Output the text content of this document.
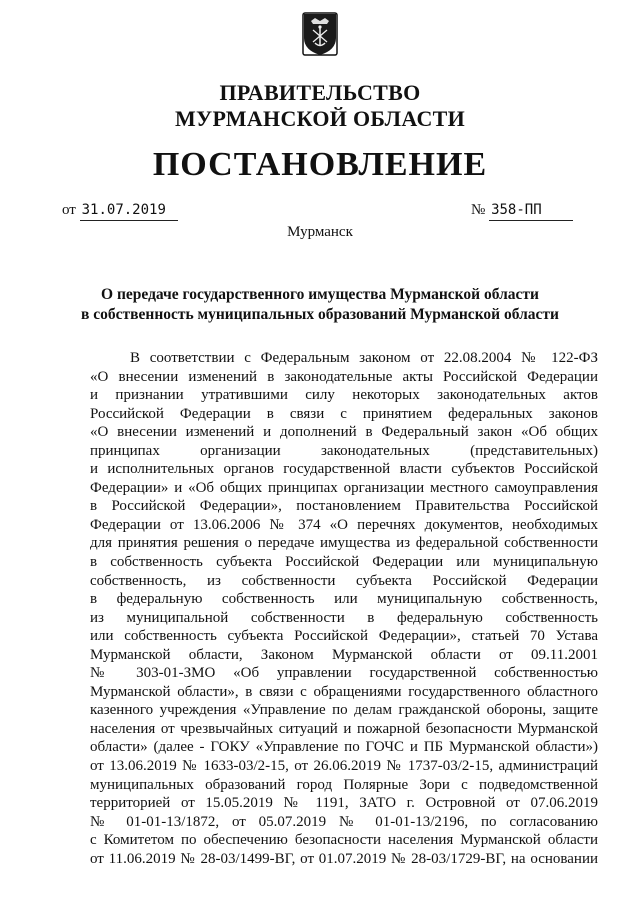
ПРАВИТЕЛЬСТВО
МУРМАНСКОЙ ОБЛАСТИ
ПОСТАНОВЛЕНИЕ
от 31.07.2019	№ 358-ПП
Мурманск
О передаче государственного имущества Мурманской области
в собственность муниципальных образований Мурманской области
В соответствии с Федеральным законом от 22.08.2004 № 122-ФЗ
«О внесении изменений в законодательные акты Российской Федерации
и признании утратившими силу некоторых законодательных актов
Российской Федерации в связи с принятием федеральных законов
«О внесении изменений и дополнений в Федеральный закон «Об общих
принципах организации законодательных (представительных)
и исполнительных органов государственной власти субъектов Российской
Федерации» и «Об общих принципах организации местного самоуправления
в Российской Федерации», постановлением Правительства Российской
Федерации от 13.06.2006 № 374 «О перечнях документов, необходимых
для принятия решения о передаче имущества из федеральной собственности
в собственность субъекта Российской Федерации или муниципальную
собственность, из собственности субъекта Российской Федерации
в федеральную собственность или муниципальную собственность,
из муниципальной собственности в федеральную собственность
или собственность субъекта Российской Федерации», статьей 70 Устава
Мурманской области, Законом Мурманской области от 09.11.2001
№ 303-01-ЗМО «Об управлении государственной собственностью
Мурманской области», в связи с обращениями государственного областного
казенного учреждения «Управление по делам гражданской обороны, защите
населения от чрезвычайных ситуаций и пожарной безопасности Мурманской
области» (далее - ГОКУ «Управление по ГОЧС и ПБ Мурманской области»)
от 13.06.2019 № 1633-03/2-15, от 26.06.2019 № 1737-03/2-15, администраций
муниципальных образований город Полярные Зори с подведомственной
территорией от 15.05.2019 № 1191, ЗАТО г. Островной от 07.06.2019
№ 01-01-13/1872, от 05.07.2019 № 01-01-13/2196, по согласованию
с Комитетом по обеспечению безопасности населения Мурманской области
от 11.06.2019 № 28-03/1499-ВГ, от 01.07.2019 № 28-03/1729-ВГ, на основании
